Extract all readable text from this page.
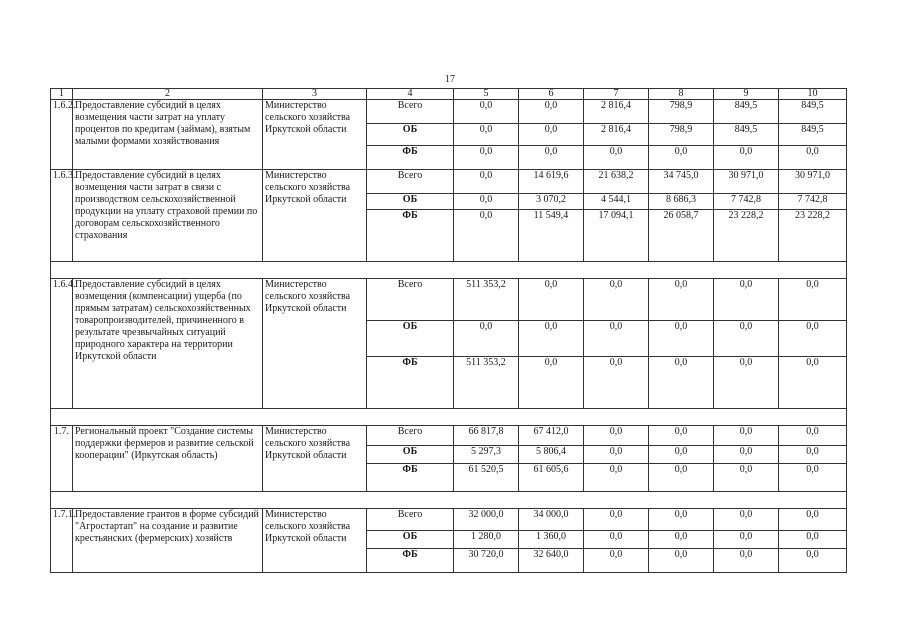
17
1	2	3	4	5	6	7	8	9	10
1.6.2.	Предоставление субсидий в целях возмещения части затрат на уплату процентов по кредитам (займам), взятым малыми формами хозяйствования	Министерство сельского хозяйства Иркутской области	Всего	0,0	0,0	2 816,4	798,9	849,5	849,5
			ОБ	0,0	0,0	2 816,4	798,9	849,5	849,5
			ФБ	0,0	0,0	0,0	0,0	0,0	0,0
1.6.3.	Предоставление субсидий в целях возмещения части затрат в связи с производством сельскохозяйственной продукции на уплату страховой премии по договорам сельскохозяйственного страхования	Министерство сельского хозяйства Иркутской области	Всего	0,0	14 619,6	21 638,2	34 745,0	30 971,0	30 971,0
			ОБ	0,0	3 070,2	4 544,1	8 686,3	7 742,8	7 742,8
			ФБ	0,0	11 549,4	17 094,1	26 058,7	23 228,2	23 228,2

1.6.4.	Предоставление субсидий в целях возмещения (компенсации) ущерба (по прямым затратам) сельскохозяйственных товаропроизводителей, причиненного в результате чрезвычайных ситуаций природного характера на территории Иркутской области	Министерство сельского хозяйства Иркутской области	Всего	511 353,2	0,0	0,0	0,0	0,0	0,0
			ОБ	0,0	0,0	0,0	0,0	0,0	0,0
			ФБ	511 353,2	0,0	0,0	0,0	0,0	0,0

1.7.	Региональный проект "Создание системы поддержки фермеров и развитие сельской кооперации" (Иркутская область)	Министерство сельского хозяйства Иркутской области	Всего	66 817,8	67 412,0	0,0	0,0	0,0	0,0
			ОБ	5 297,3	5 806,4	0,0	0,0	0,0	0,0
			ФБ	61 520,5	61 605,6	0,0	0,0	0,0	0,0

1.7.1.	Предоставление грантов в форме субсидий "Агростартап" на создание и развитие крестьянских (фермерских) хозяйств	Министерство сельского хозяйства Иркутской области	Всего	32 000,0	34 000,0	0,0	0,0	0,0	0,0
			ОБ	1 280,0	1 360,0	0,0	0,0	0,0	0,0
			ФБ	30 720,0	32 640,0	0,0	0,0	0,0	0,0
